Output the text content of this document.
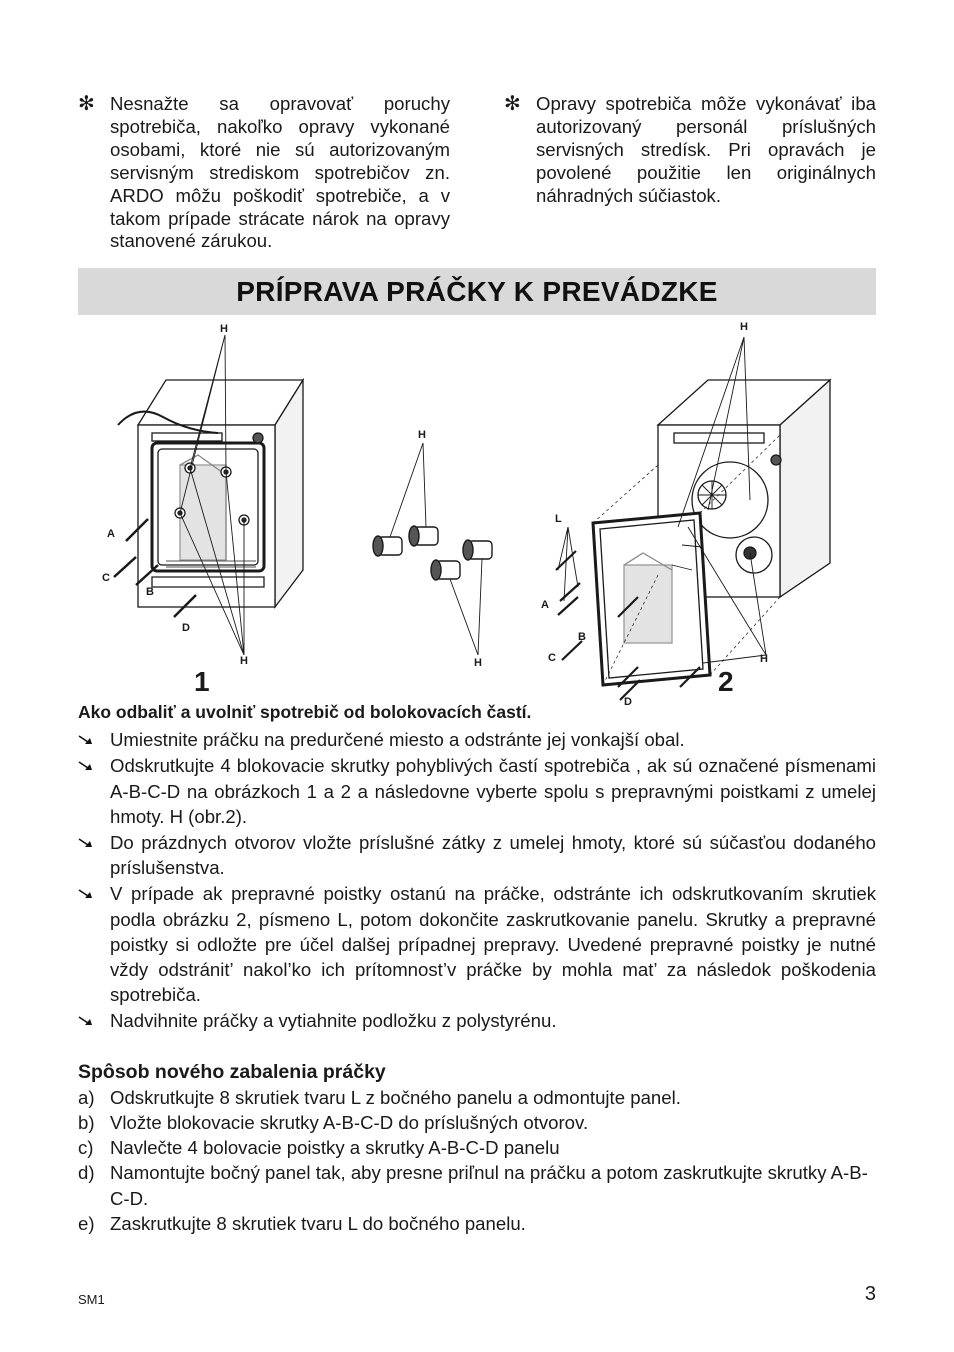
✻ Nesnažte sa opravovať poruchy spotrebiča, nakoľko opravy vykonané osobami, ktoré nie sú autorizovaným servisným strediskom spotrebičov zn. ARDO môžu poškodiť spotrebiče, a v takom prípade strácate nárok na opravy stanovené zárukou.
✻ Opravy spotrebiča môže vykonávať iba autorizovaný personál príslušných servisných stredísk. Pri opravách je povolené použitie len originálnych náhradných súčiastok.
PRÍPRAVA PRÁČKY K PREVÁDZKE
H
H
H
H	H	H
A
C
B
D
L
A
B
C
D
1	2

Ako odbaliť a uvolniť spotrebič od bolokovacích častí.

Umiestnite práčku na predurčené miesto a odstránte jej vonkajší obal.
Odskrutkujte 4 blokovacie skrutky pohyblivých častí spotrebiča , ak sú označené písmenami A-B-C-D na obrázkoch 1 a 2 a následovne vyberte spolu s prepravnými poistkami z umelej hmoty. H (obr.2).
Do prázdnych otvorov vložte príslušné zátky z umelej hmoty, ktoré sú súčasťou dodaného príslušenstva.
V prípade ak prepravné poistky ostanú na práčke, odstránte ich odskrutkovaním skrutiek podla obrázku 2, písmeno L, potom dokončite zaskrutkovanie panelu. Skrutky a prepravné poistky si odložte pre účel dalšej prípadnej prepravy. Uvedené prepravné poistky je nutné vždy odstránit’ nakol’ko ich prítomnost’v práčke by mohla mat’ za následok poškodenia spotrebiča.
Nadvihnite práčky a vytiahnite podložku z polystyrénu.

Spôsob nového zabalenia práčky

a) Odskrutkujte 8 skrutiek tvaru L z bočného panelu a odmontujte panel.
b) Vložte blokovacie skrutky A-B-C-D do príslušných otvorov.
c) Navlečte 4 bolovacie poistky a skrutky A-B-C-D panelu
d) Namontujte bočný panel tak, aby presne priľnul na práčku a potom zaskrutkujte skrutky A-B-C-D.
e) Zaskrutkujte 8 skrutiek tvaru L do bočného panelu.
SM1	3
